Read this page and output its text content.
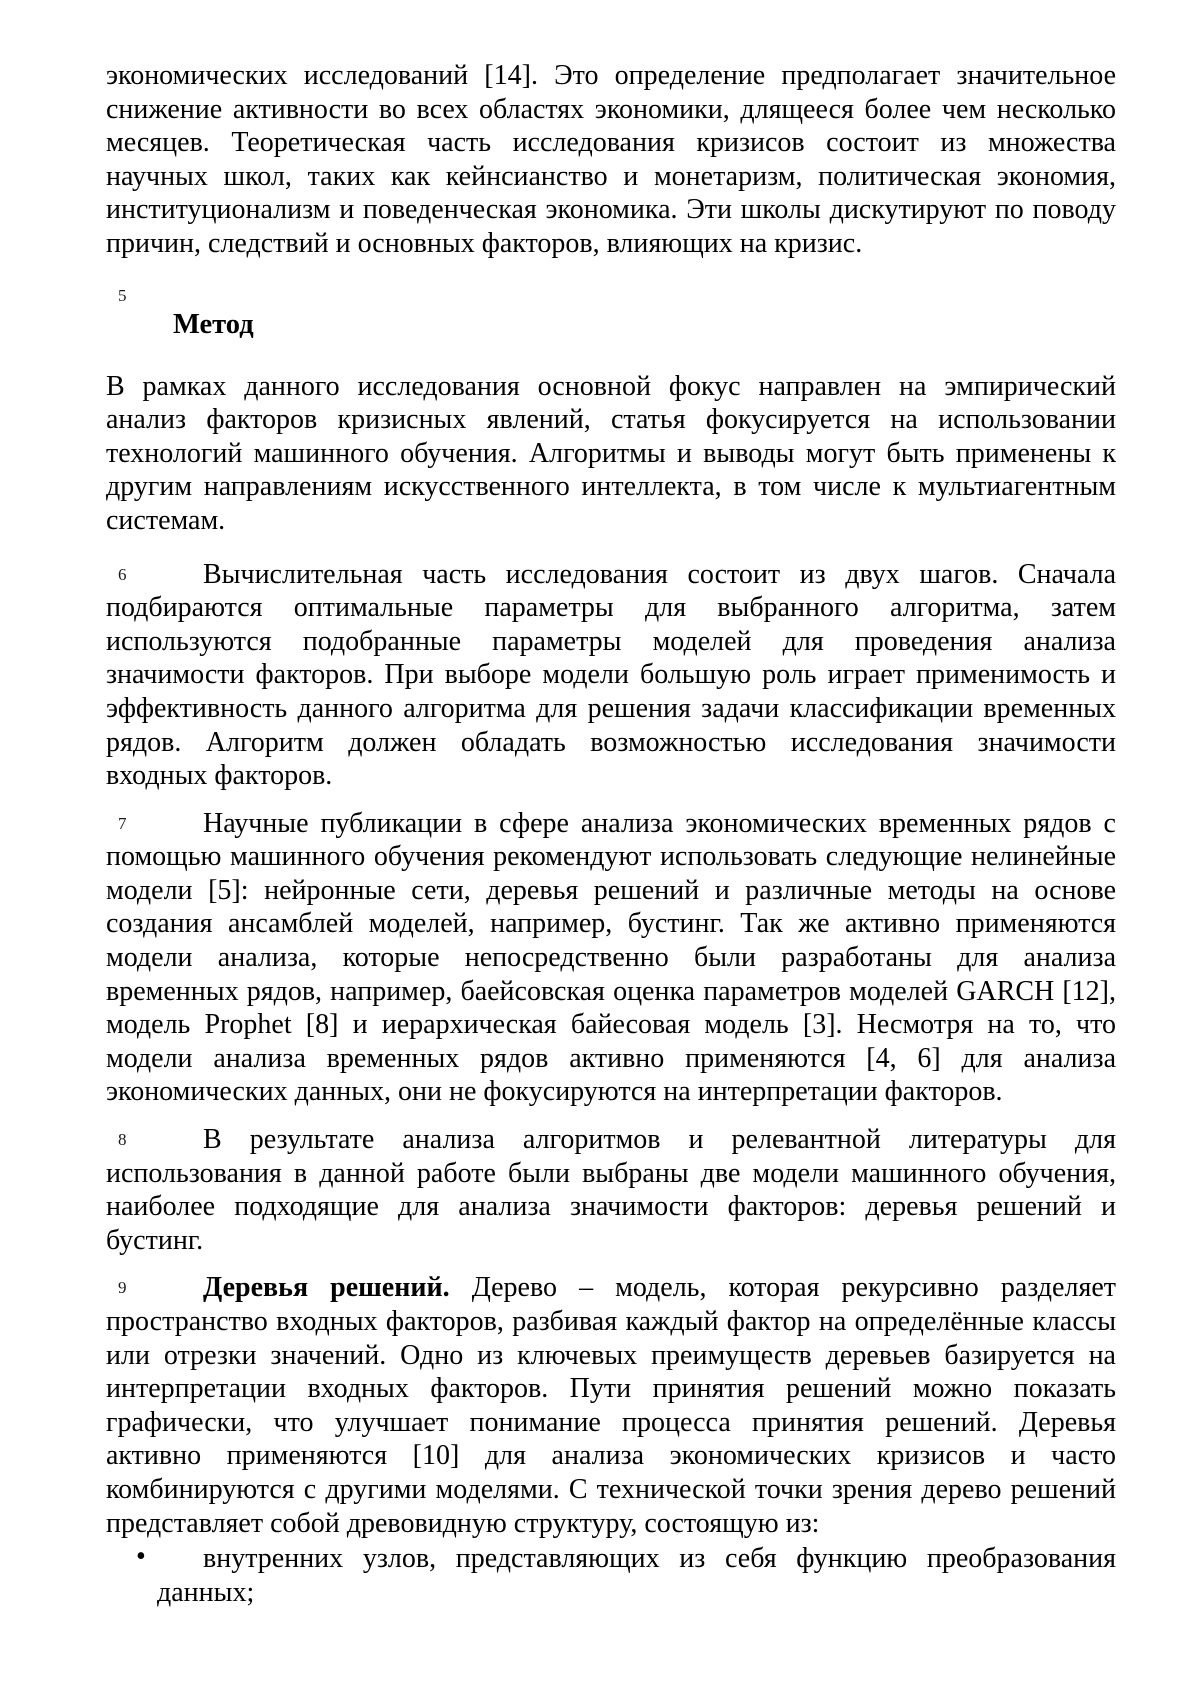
экономических исследований [14]. Это определение предполагает значительное снижение активности во всех областях экономики, длящееся более чем несколько месяцев. Теоретическая часть исследования кризисов состоит из множества научных школ, таких как кейнсианство и монетаризм, политическая экономия, институционализм и поведенческая экономика. Эти школы дискутируют по поводу причин, следствий и основных факторов, влияющих на кризис.

5
Метод

В рамках данного исследования основной фокус направлен на эмпирический анализ факторов кризисных явлений, статья фокусируется на использовании технологий машинного обучения. Алгоритмы и выводы могут быть применены к другим направлениям искусственного интеллекта, в том числе к мультиагентным системам.

6	Вычислительная часть исследования состоит из двух шагов. Сначала подбираются оптимальные параметры для выбранного алгоритма, затем используются подобранные параметры моделей для проведения анализа значимости факторов. При выборе модели большую роль играет применимость и эффективность данного алгоритма для решения задачи классификации временных рядов. Алгоритм должен обладать возможностью исследования значимости входных факторов.

7	Научные публикации в сфере анализа экономических временных рядов с помощью машинного обучения рекомендуют использовать следующие нелинейные модели [5]: нейронные сети, деревья решений и различные методы на основе создания ансамблей моделей, например, бустинг. Так же активно применяются модели анализа, которые непосредственно были разработаны для анализа временных рядов, например, баейсовская оценка параметров моделей GARCH [12], модель Prophet [8] и иерархическая байесовая модель [3]. Несмотря на то, что модели анализа временных рядов активно применяются [4, 6] для анализа экономических данных, они не фокусируются на интерпретации факторов.

8	В результате анализа алгоритмов и релевантной литературы для использования в данной работе были выбраны две модели машинного обучения, наиболее подходящие для анализа значимости факторов: деревья решений и бустинг.

9	Деревья решений. Дерево – модель, которая рекурсивно разделяет пространство входных факторов, разбивая каждый фактор на определённые классы или отрезки значений. Одно из ключевых преимуществ деревьев базируется на интерпретации входных факторов. Пути принятия решений можно показать графически, что улучшает понимание процесса принятия решений. Деревья активно применяются [10] для анализа экономических кризисов и часто комбинируются с другими моделями. С технической точки зрения дерево решений представляет собой древовидную структуру, состоящую из:

• внутренних узлов, представляющих из себя функцию преобразования данных;
